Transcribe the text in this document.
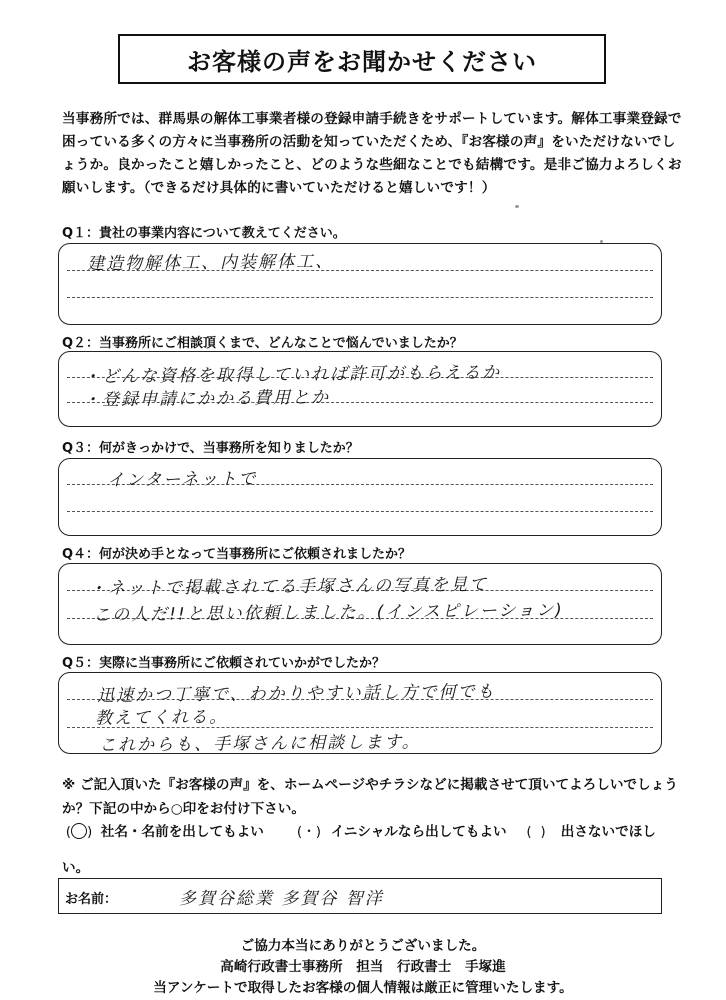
お客様の声をお聞かせください
当事務所では、群馬県の解体工事業者様の登録申請手続きをサポートしています。解体工事業登録で困っている多くの方々に当事務所の活動を知っていただくため、『お客様の声』をいただけないでしょうか。良かったこと嬉しかったこと、どのような些細なことでも結構です。是非ご協力よろしくお願いします。（できるだけ具体的に書いていただけると嬉しいです！）
Q１：貴社の事業内容について教えてください。
建造物解体工、内装解体工、
Q２：当事務所にご相談頂くまで、どんなことで悩んでいましたか？
・どんな資格を取得していれば許可がもらえるか
・登録申請にかかる費用とか
Q３：何がきっかけで、当事務所を知りましたか？
インターネットで
Q４：何が決め手となって当事務所にご依頼されましたか？
・ネットで掲載されてる手塚さんの写真を見て
この人だ!!と思い依頼しました。(インスピレーション)
Q５：実際に当事務所にご依頼されていかがでしたか？
迅速かつ丁寧で、わかりやすい話し方で何でも
教えてくれる。
これからも、手塚さんに相談します。
※ ご記入頂いた『お客様の声』を、ホームページやチラシなどに掲載させて頂いてよろしいでしょうか？下記の中から○印をお付け下さい。
(○) 社名・名前を出してもよい	(・) イニシャルなら出してもよい	(  ) 出さないでほし
い。
お名前：	多賀谷総業 多賀谷 智洋
ご協力本当にありがとうございました。
高崎行政書士事務所　担当　行政書士　手塚進
当アンケートで取得したお客様の個人情報は厳正に管理いたします。
